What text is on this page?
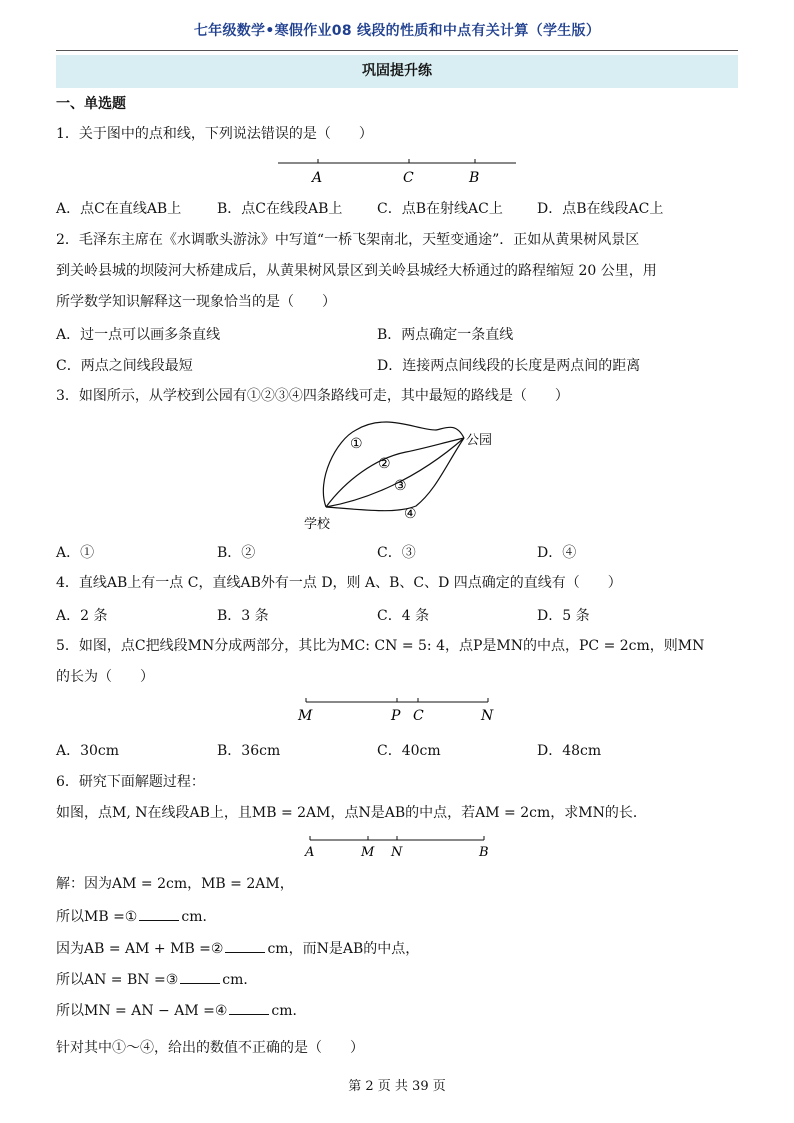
七年级数学•寒假作业08 线段的性质和中点有关计算（学生版）
巩固提升练
一、单选题
1．关于图中的点和线，下列说法错误的是（　　）
A	C	B
A．点C在直线AB上	B．点C在线段AB上 C．点B在射线AC上 D．点B在线段AC上
2．毛泽东主席在《水调歌头游泳》中写道“一桥飞架南北，天堑变通途”．正如从黄果树风景区
到关岭县城的坝陵河大桥建成后，从黄果树风景区到关岭县城经大桥通过的路程缩短 20 公里，用
所学数学知识解释这一现象恰当的是（　　）
A．过一点可以画多条直线	B．两点确定一条直线
C．两点之间线段最短	D．连接两点间线段的长度是两点间的距离
3．如图所示，从学校到公园有①②③④四条路线可走，其中最短的路线是（　　）
公园
学校
①
②
③
④
A．①	B．②	C．③	D．④
4．直线AB上有一点 C，直线AB外有一点 D，则 A、B、C、D 四点确定的直线有（　　）
A．2 条	B．3 条	C．4 条	D．5 条
5．如图，点C把线段MN分成两部分，其比为MC: CN = 5: 4，点P是MN的中点，PC = 2cm，则MN
的长为（　　）
M	P C	N
A．30cm	B．36cm	C．40cm	D．48cm
6．研究下面解题过程：
如图，点M, N在线段AB上，且MB = 2AM，点N是AB的中点，若AM = 2cm，求MN的长．
A	M N	B
解：因为AM = 2cm，MB = 2AM，
所以MB =①	cm．
因为AB = AM + MB =②	cm，而N是AB的中点，
所以AN = BN =③	cm．
所以MN = AN − AM =④	cm．
针对其中①～④，给出的数值不正确的是（　　）
第 2 页 共 39 页
